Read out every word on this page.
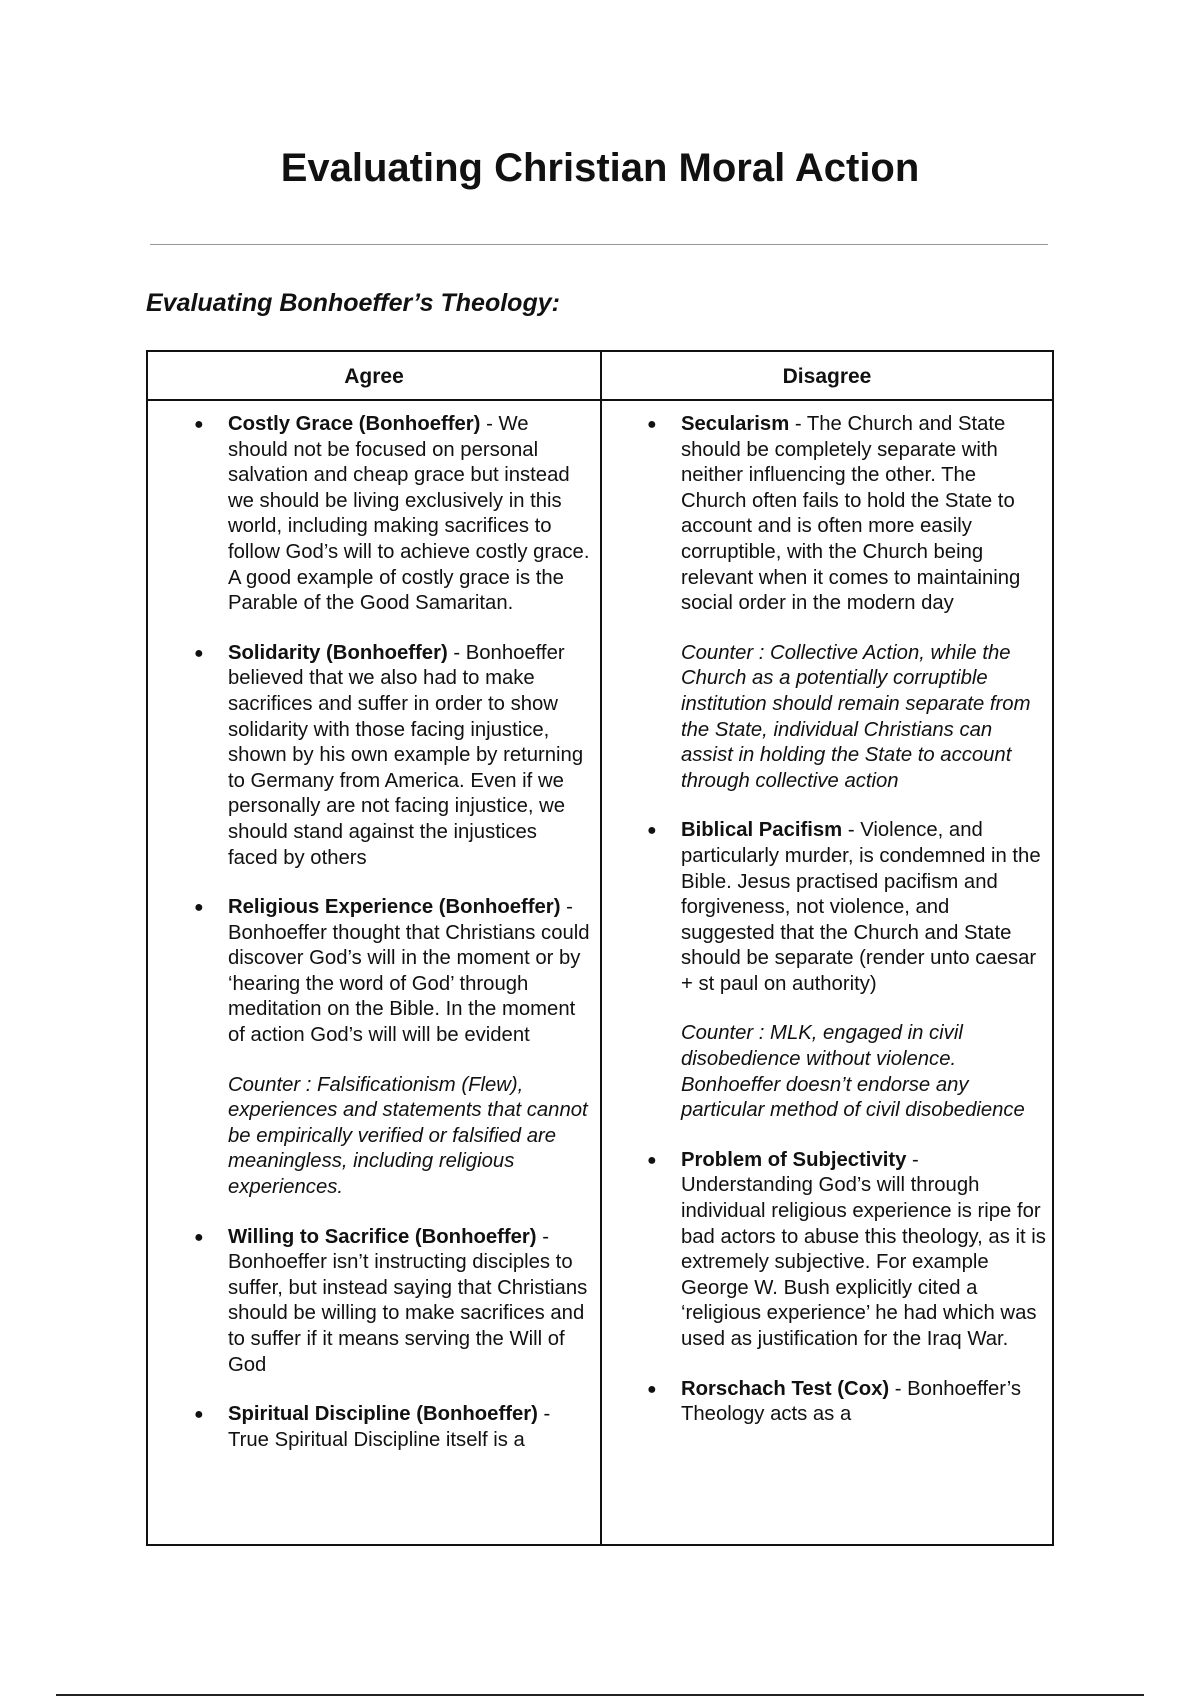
Evaluating Christian Moral Action
Evaluating Bonhoeffer’s Theology:
Agree	Disagree
● Costly Grace (Bonhoeffer) - We should not be focused on personal salvation and cheap grace but instead we should be living exclusively in this world, including making sacrifices to follow God’s will to achieve costly grace. A good example of costly grace is the Parable of the Good Samaritan.
● Solidarity (Bonhoeffer) - Bonhoeffer believed that we also had to make sacrifices and suffer in order to show solidarity with those facing injustice, shown by his own example by returning to Germany from America. Even if we personally are not facing injustice, we should stand against the injustices faced by others
● Religious Experience (Bonhoeffer) - Bonhoeffer thought that Christians could discover God’s will in the moment or by ‘hearing the word of God’ through meditation on the Bible. In the moment of action God’s will will be evident
Counter : Falsificationism (Flew), experiences and statements that cannot be empirically verified or falsified are meaningless, including religious experiences.
● Willing to Sacrifice (Bonhoeffer) - Bonhoeffer isn’t instructing disciples to suffer, but instead saying that Christians should be willing to make sacrifices and to suffer if it means serving the Will of God
● Spiritual Discipline (Bonhoeffer) - True Spiritual Discipline itself is a
● Secularism - The Church and State should be completely separate with neither influencing the other. The Church often fails to hold the State to account and is often more easily corruptible, with the Church being relevant when it comes to maintaining social order in the modern day
Counter : Collective Action, while the Church as a potentially corruptible institution should remain separate from the State, individual Christians can assist in holding the State to account through collective action
● Biblical Pacifism - Violence, and particularly murder, is condemned in the Bible. Jesus practised pacifism and forgiveness, not violence, and suggested that the Church and State should be separate (render unto caesar + st paul on authority)
Counter : MLK, engaged in civil disobedience without violence. Bonhoeffer doesn’t endorse any particular method of civil disobedience
● Problem of Subjectivity - Understanding God’s will through individual religious experience is ripe for bad actors to abuse this theology, as it is extremely subjective. For example George W. Bush explicitly cited a ‘religious experience’ he had which was used as justification for the Iraq War.
● Rorschach Test (Cox) - Bonhoeffer’s Theology acts as a
